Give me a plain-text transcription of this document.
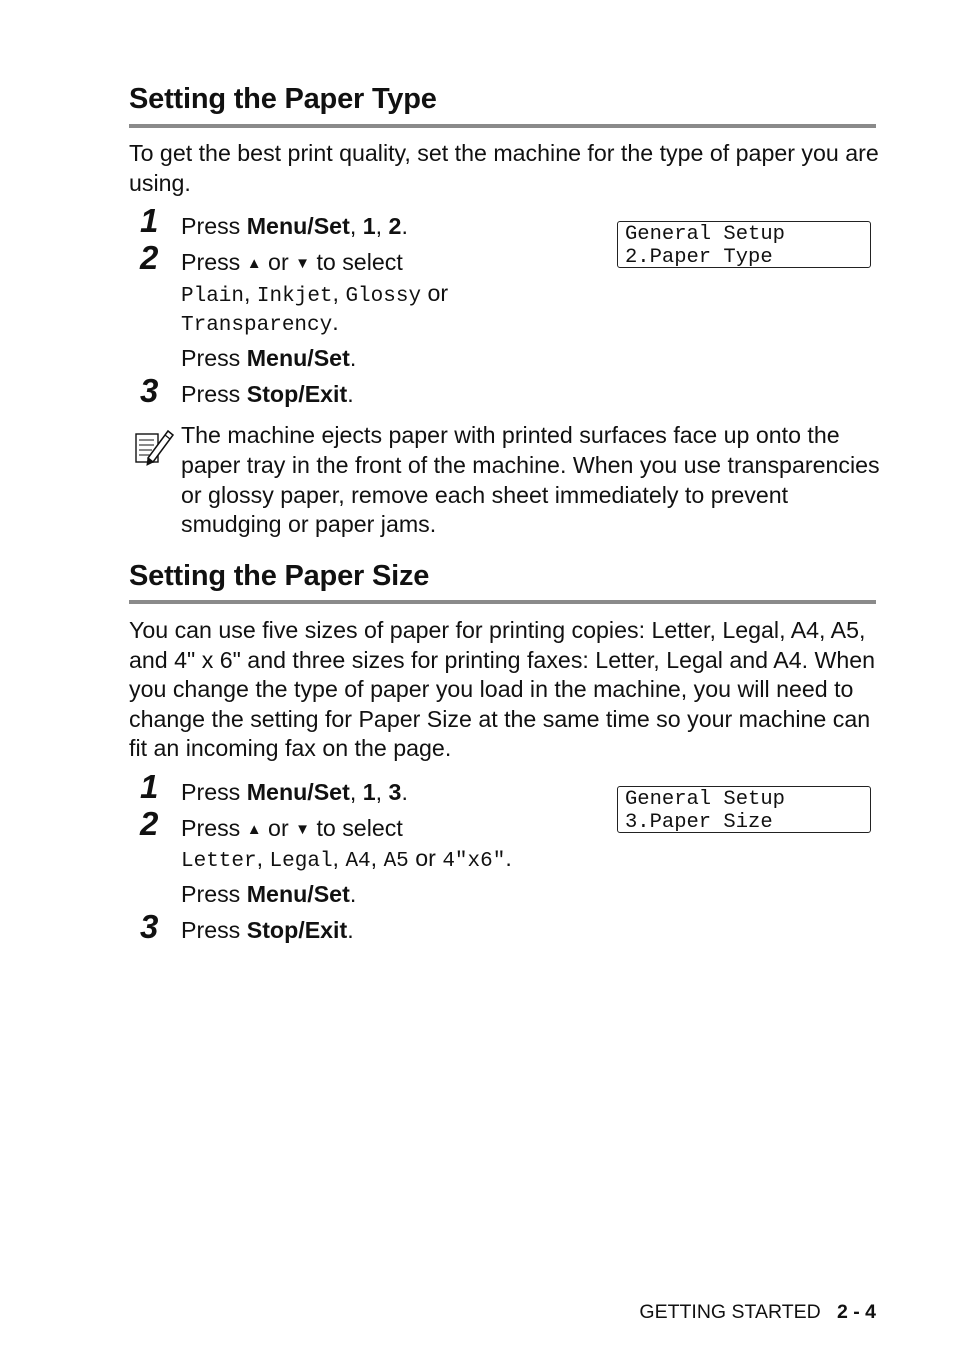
Setting the Paper Type

To get the best print quality, set the machine for the type of paper you are using.

1 Press Menu/Set, 1, 2.	General Setup
2.Paper Type
2 Press ▲ or ▼ to select
Plain, Inkjet, Glossy or
Transparency.
Press Menu/Set.
3 Press Stop/Exit.

The machine ejects paper with printed surfaces face up onto the paper tray in the front of the machine. When you use transparencies or glossy paper, remove each sheet immediately to prevent smudging or paper jams.

Setting the Paper Size

You can use five sizes of paper for printing copies: Letter, Legal, A4, A5, and 4" x 6" and three sizes for printing faxes: Letter, Legal and A4. When you change the type of paper you load in the machine, you will need to change the setting for Paper Size at the same time so your machine can fit an incoming fax on the page.

1 Press Menu/Set, 1, 3.	General Setup
3.Paper Size
2 Press ▲ or ▼ to select
Letter, Legal, A4, A5 or 4"x6".
Press Menu/Set.
3 Press Stop/Exit.
GETTING STARTED 2 - 4
